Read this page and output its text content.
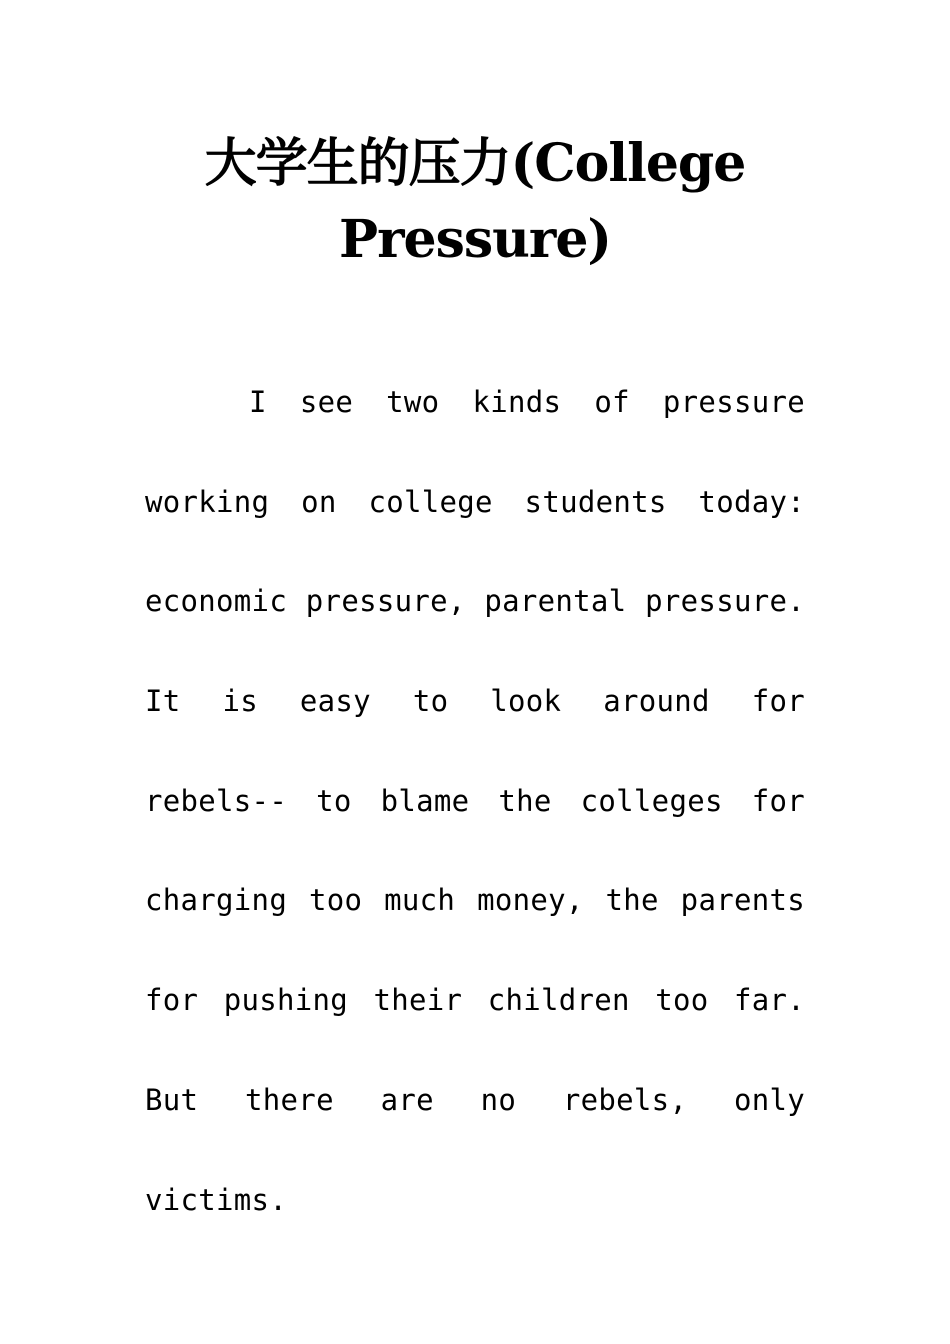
大学生的压力(College
Pressure)
I see two kinds of pressure
working on college students today:
economic pressure, parental pressure.
It is easy to look around for
rebels-- to blame the colleges for
charging too much money, the parents
for pushing their children too far.
But there are no rebels, only
victims.
